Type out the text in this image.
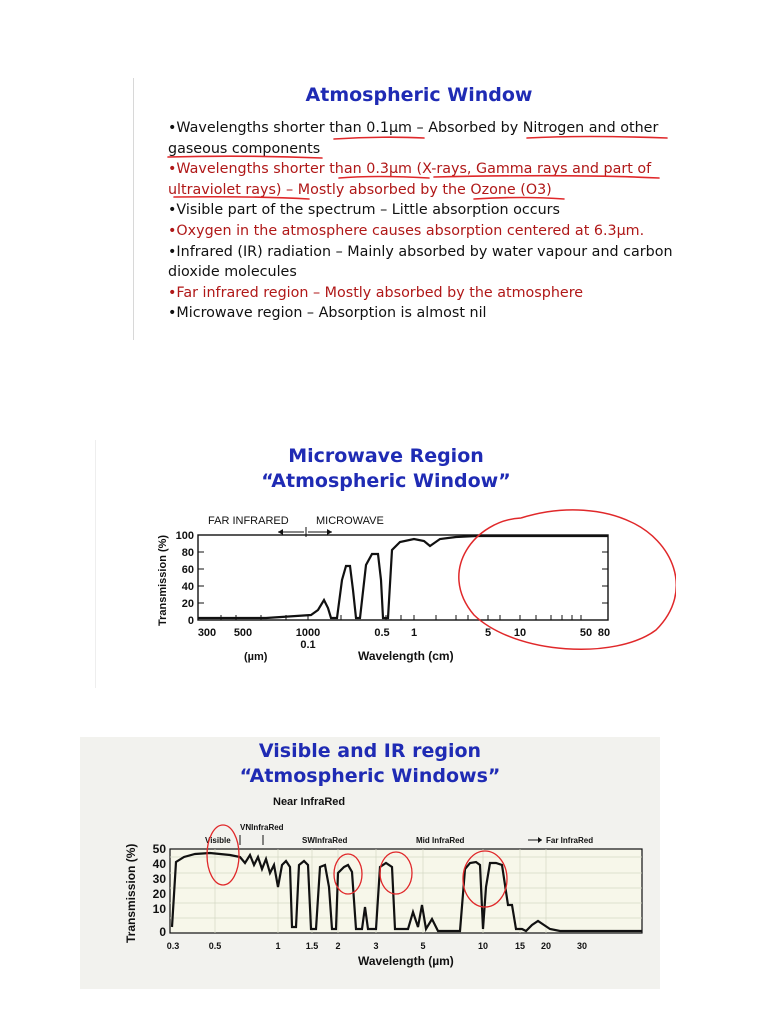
Atmospheric Window
•Wavelengths shorter than 0.1µm – Absorbed by Nitrogen and other gaseous components
•Wavelengths shorter than 0.3µm (X-rays, Gamma rays and part of ultraviolet rays) – Mostly absorbed by the Ozone (O3)
•Visible part of the spectrum – Little absorption occurs
•Oxygen in the atmosphere causes absorption centered at 6.3µm.
•Infrared (IR) radiation – Mainly absorbed by water vapour and carbon dioxide molecules
•Far infrared region – Mostly absorbed by the atmosphere
•Microwave region – Absorption is almost nil
Microwave Region
“Atmospheric Window”
FAR INFRARED MICROWAVE
Transmission (%) 100
80
60
40
20
0
300 500	1000
0.1
0.5 1	5 10	50 80
(µm)	Wavelength (cm)
Visible and IR region
“Atmospheric Windows”
Near InfraRed
VNInfraRed
Visible	SWInfraRed	Mid InfraRed	Far InfraRed
Transmission (%) 50
40
30
20
10
0
0.3	0.5	1	1.5 2	3	5	10	15 20	30
Wavelength (µm)
